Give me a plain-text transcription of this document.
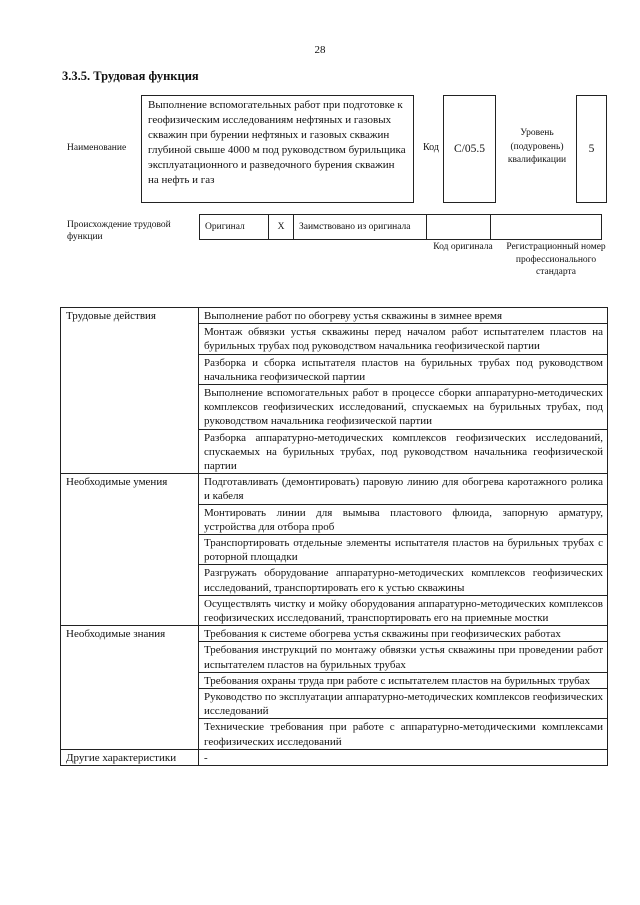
28
3.3.5. Трудовая функция
Наименование
Выполнение вспомогательных работ при подготовке к геофизическим исследованиям нефтяных и газовых скважин при бурении нефтяных и газовых скважин глубиной свыше 4000 м под руководством бурильщика эксплуатационного и разведочного бурения скважин на нефть и газ
Код C/05.5
Уровень (подуровень) квалификации
5
Происхождение трудовой функции
Оригинал	X	Заимствовано из оригинала		
Код оригинала Регистрационный номер профессионального стандарта
Трудовые действия	Выполнение работ по обогреву устья скважины в зимнее время
	Монтаж обвязки устья скважины перед началом работ испытателем пластов на бурильных трубах под руководством начальника геофизической партии
	Разборка и сборка испытателя пластов на бурильных трубах под руководством начальника геофизической партии
	Выполнение вспомогательных работ в процессе сборки аппаратурно-методических комплексов геофизических исследований, спускаемых на бурильных трубах, под руководством начальника геофизической партии
	Разборка аппаратурно-методических комплексов геофизических исследований, спускаемых на бурильных трубах, под руководством начальника геофизической партии
Необходимые умения	Подготавливать (демонтировать) паровую линию для обогрева каротажного ролика и кабеля
	Монтировать линии для вымыва пластового флюида, запорную арматуру, устройства для отбора проб
	Транспортировать отдельные элементы испытателя пластов на бурильных трубах с роторной площадки
	Разгружать оборудование аппаратурно-методических комплексов геофизических исследований, транспортировать его к устью скважины
	Осуществлять чистку и мойку оборудования аппаратурно-методических комплексов геофизических исследований, транспортировать его на приемные мостки
Необходимые знания	Требования к системе обогрева устья скважины при геофизических работах
	Требования инструкций по монтажу обвязки устья скважины при проведении работ испытателем пластов на бурильных трубах
	Требования охраны труда при работе с испытателем пластов на бурильных трубах
	Руководство по эксплуатации аппаратурно-методических комплексов геофизических исследований
	Технические требования при работе с аппаратурно-методическими комплексами геофизических исследований
Другие характеристики	-
